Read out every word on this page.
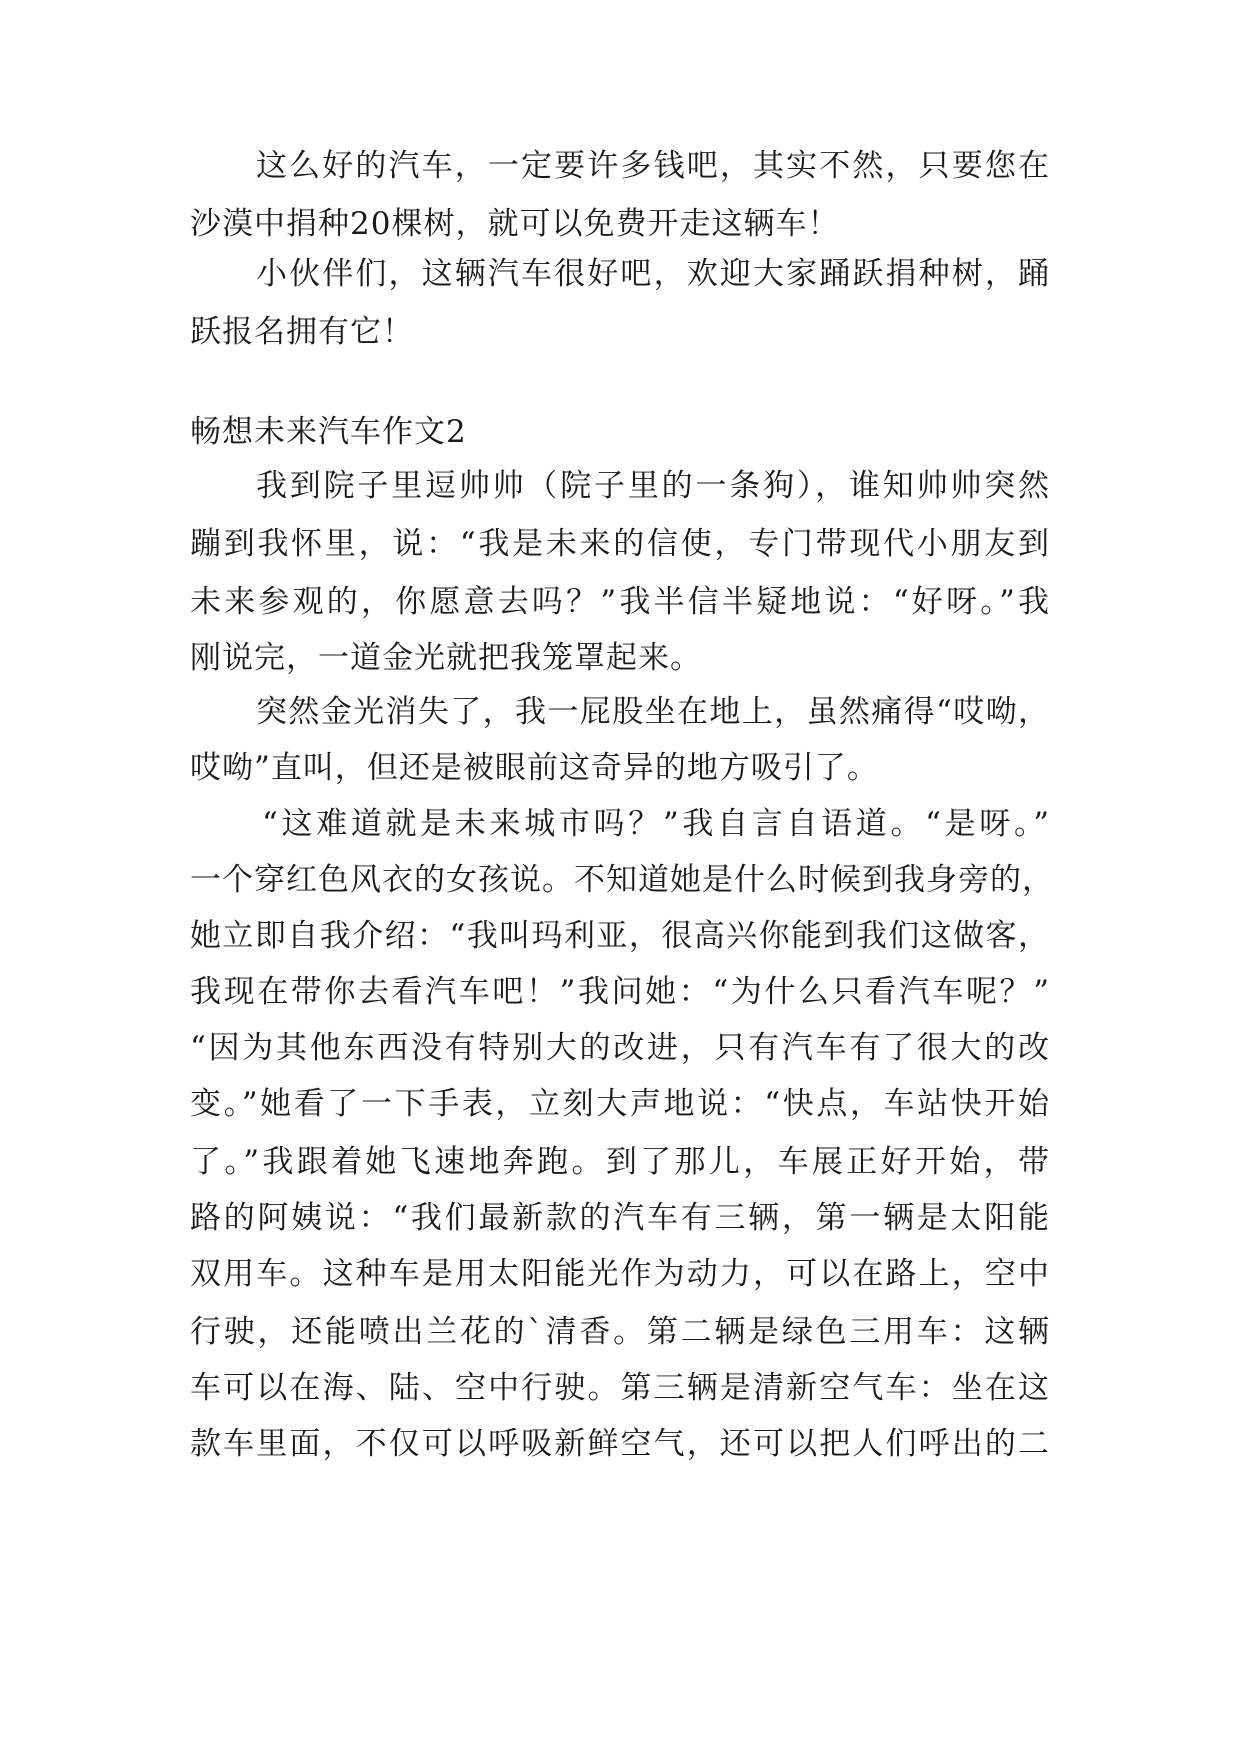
这么好的汽车，一定要许多钱吧，其实不然，只要您在
沙漠中捐种20棵树，就可以免费开走这辆车！
小伙伴们，这辆汽车很好吧，欢迎大家踊跃捐种树，踊
跃报名拥有它！
畅想未来汽车作文2
我到院子里逗帅帅（院子里的一条狗），谁知帅帅突然
蹦到我怀里，说：“我是未来的信使，专门带现代小朋友到
未来参观的，你愿意去吗？”我半信半疑地说：“好呀。”我
刚说完，一道金光就把我笼罩起来。
突然金光消失了，我一屁股坐在地上，虽然痛得“哎呦，
哎呦”直叫，但还是被眼前这奇异的地方吸引了。
“这难道就是未来城市吗？”我自言自语道。“是呀。”
一个穿红色风衣的女孩说。不知道她是什么时候到我身旁的，
她立即自我介绍：“我叫玛利亚，很高兴你能到我们这做客，
我现在带你去看汽车吧！”我问她：“为什么只看汽车呢？”
“因为其他东西没有特别大的改进，只有汽车有了很大的改
变。”她看了一下手表，立刻大声地说：“快点，车站快开始
了。”我跟着她飞速地奔跑。到了那儿，车展正好开始，带
路的阿姨说：“我们最新款的汽车有三辆，第一辆是太阳能
双用车。这种车是用太阳能光作为动力，可以在路上，空中
行驶，还能喷出兰花的`清香。第二辆是绿色三用车：这辆
车可以在海、陆、空中行驶。第三辆是清新空气车：坐在这
款车里面，不仅可以呼吸新鲜空气，还可以把人们呼出的二
